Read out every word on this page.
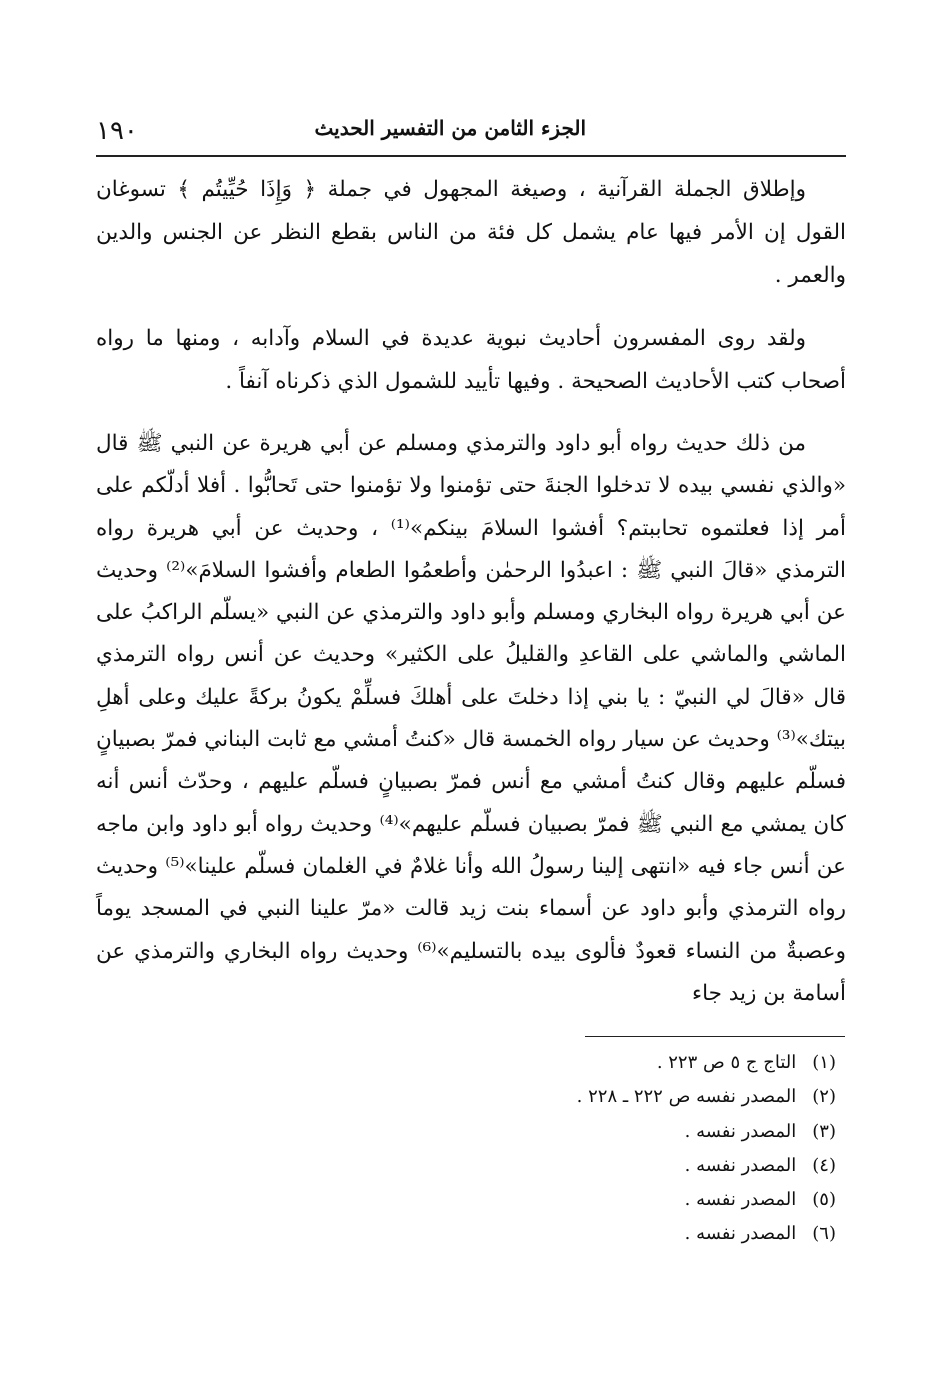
الجزء الثامن من التفسير الحديث
١٩٠

وإطلاق الجملة القرآنية ، وصيغة المجهول في جملة ﴿ وَإِذَا حُيِّيتُم ﴾ تسوغان القول إن الأمر فيها عام يشمل كل فئة من الناس بقطع النظر عن الجنس والدين والعمر .

ولقد روى المفسرون أحاديث نبوية عديدة في السلام وآدابه ، ومنها ما رواه أصحاب كتب الأحاديث الصحيحة . وفيها تأييد للشمول الذي ذكرناه آنفاً .

من ذلك حديث رواه أبو داود والترمذي ومسلم عن أبي هريرة عن النبي ﷺ قال «والذي نفسي بيده لا تدخلوا الجنةَ حتى تؤمنوا ولا تؤمنوا حتى تَحابُّوا . أفلا أدلّكم على أمر إذا فعلتموه تحاببتم؟ أفشوا السلامَ بينكم»⁽¹⁾ ، وحديث عن أبي هريرة رواه الترمذي «قالَ النبي ﷺ : اعبدُوا الرحمٰن وأطعمُوا الطعام وأفشوا السلامَ»⁽²⁾ وحديث عن أبي هريرة رواه البخاري ومسلم وأبو داود والترمذي عن النبي «يسلّم الراكبُ على الماشي والماشي على القاعدِ والقليلُ على الكثير» وحديث عن أنس رواه الترمذي قال «قالَ لي النبيّ : يا بني إذا دخلتَ على أهلكَ فسلِّمْ يكونُ بركةً عليك وعلى أهلِ بيتك»⁽³⁾ وحديث عن سيار رواه الخمسة قال «كنتُ أمشي مع ثابت البناني فمرّ بصبيانٍ فسلّم عليهم وقال كنتُ أمشي مع أنس فمرّ بصبيانٍ فسلّم عليهم ، وحدّث أنس أنه كان يمشي مع النبي ﷺ فمرّ بصبيان فسلّم عليهم»⁽⁴⁾ وحديث رواه أبو داود وابن ماجه عن أنس جاء فيه «انتهى إلينا رسولُ الله وأنا غلامٌ في الغلمان فسلّم علينا»⁽⁵⁾ وحديث رواه الترمذي وأبو داود عن أسماء بنت زيد قالت «مرّ علينا النبي في المسجد يوماً وعصبةٌ من النساء قعودٌ فألوى بيده بالتسليم»⁽⁶⁾ وحديث رواه البخاري والترمذي عن أسامة بن زيد جاء

(١) التاج ج ٥ ص ٢٢٣ .
(٢) المصدر نفسه ص ٢٢٢ ـ ٢٢٨ .
(٣) المصدر نفسه .
(٤) المصدر نفسه .
(٥) المصدر نفسه .
(٦) المصدر نفسه .
